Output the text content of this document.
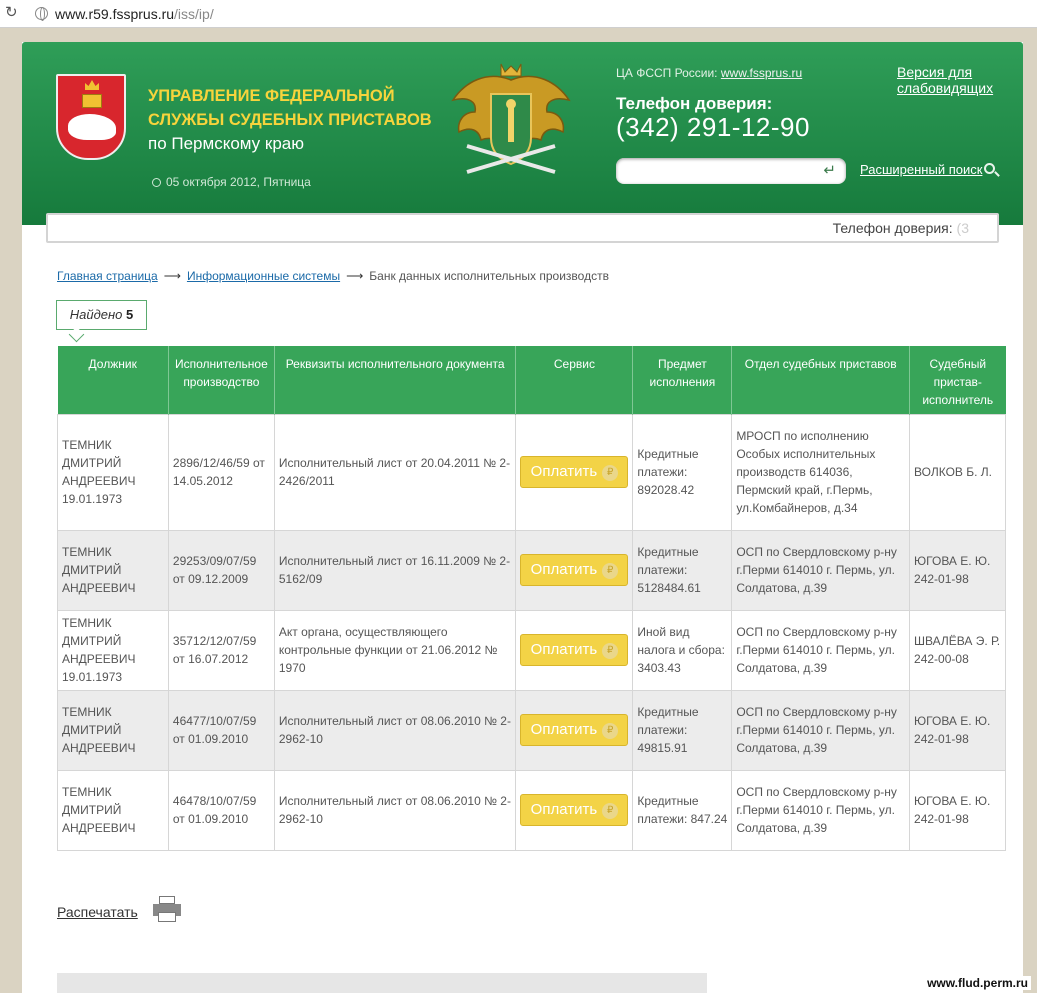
↻	www.r59.fssprus.ru/iss/ip/
УПРАВЛЕНИЕ ФЕДЕРАЛЬНОЙ
СЛУЖБЫ СУДЕБНЫХ ПРИСТАВОВ
по Пермскому краю
05 октября 2012, Пятница
ЦА ФССП России: www.fssprus.ru
Телефон доверия:
(342) 291-12-90
Версия для слабовидящих
↵ Расширенный поиск
Телефон доверия: (3
Главная страница ⟶ Информационные системы ⟶ Банк данных исполнительных производств
Найдено 5
Должник	Исполнительное производство	Реквизиты исполнительного документа	Сервис	Предмет исполнения	Отдел судебных приставов	Судебный пристав-исполнитель
ТЕМНИК ДМИТРИЙ АНДРЕЕВИЧ 19.01.1973	2896/12/46/59 от 14.05.2012	Исполнительный лист от 20.04.2011 № 2-2426/2011	Оплатить ₽	Кредитные платежи: 892028.42	МРОСП по исполнению Особых исполнительных производств 614036, Пермский край, г.Пермь, ул.Комбайнеров, д.34	ВОЛКОВ Б. Л.
ТЕМНИК ДМИТРИЙ АНДРЕЕВИЧ	29253/09/07/59 от 09.12.2009	Исполнительный лист от 16.11.2009 № 2-5162/09	Оплатить ₽	Кредитные платежи: 5128484.61	ОСП по Свердловскому р-ну г.Перми 614010 г. Пермь, ул. Солдатова, д.39	ЮГОВА Е. Ю. 242-01-98
ТЕМНИК ДМИТРИЙ АНДРЕЕВИЧ 19.01.1973	35712/12/07/59 от 16.07.2012	Акт органа, осуществляющего контрольные функции от 21.06.2012 № 1970	Оплатить ₽	Иной вид налога и сбора: 3403.43	ОСП по Свердловскому р-ну г.Перми 614010 г. Пермь, ул. Солдатова, д.39	ШВАЛЁВА Э. Р. 242-00-08
ТЕМНИК ДМИТРИЙ АНДРЕЕВИЧ	46477/10/07/59 от 01.09.2010	Исполнительный лист от 08.06.2010 № 2-2962-10	Оплатить ₽	Кредитные платежи: 49815.91	ОСП по Свердловскому р-ну г.Перми 614010 г. Пермь, ул. Солдатова, д.39	ЮГОВА Е. Ю. 242-01-98
ТЕМНИК ДМИТРИЙ АНДРЕЕВИЧ	46478/10/07/59 от 01.09.2010	Исполнительный лист от 08.06.2010 № 2-2962-10	Оплатить ₽	Кредитные платежи: 847.24	ОСП по Свердловскому р-ну г.Перми 614010 г. Пермь, ул. Солдатова, д.39	ЮГОВА Е. Ю. 242-01-98
Распечатать
www.flud.perm.ru
